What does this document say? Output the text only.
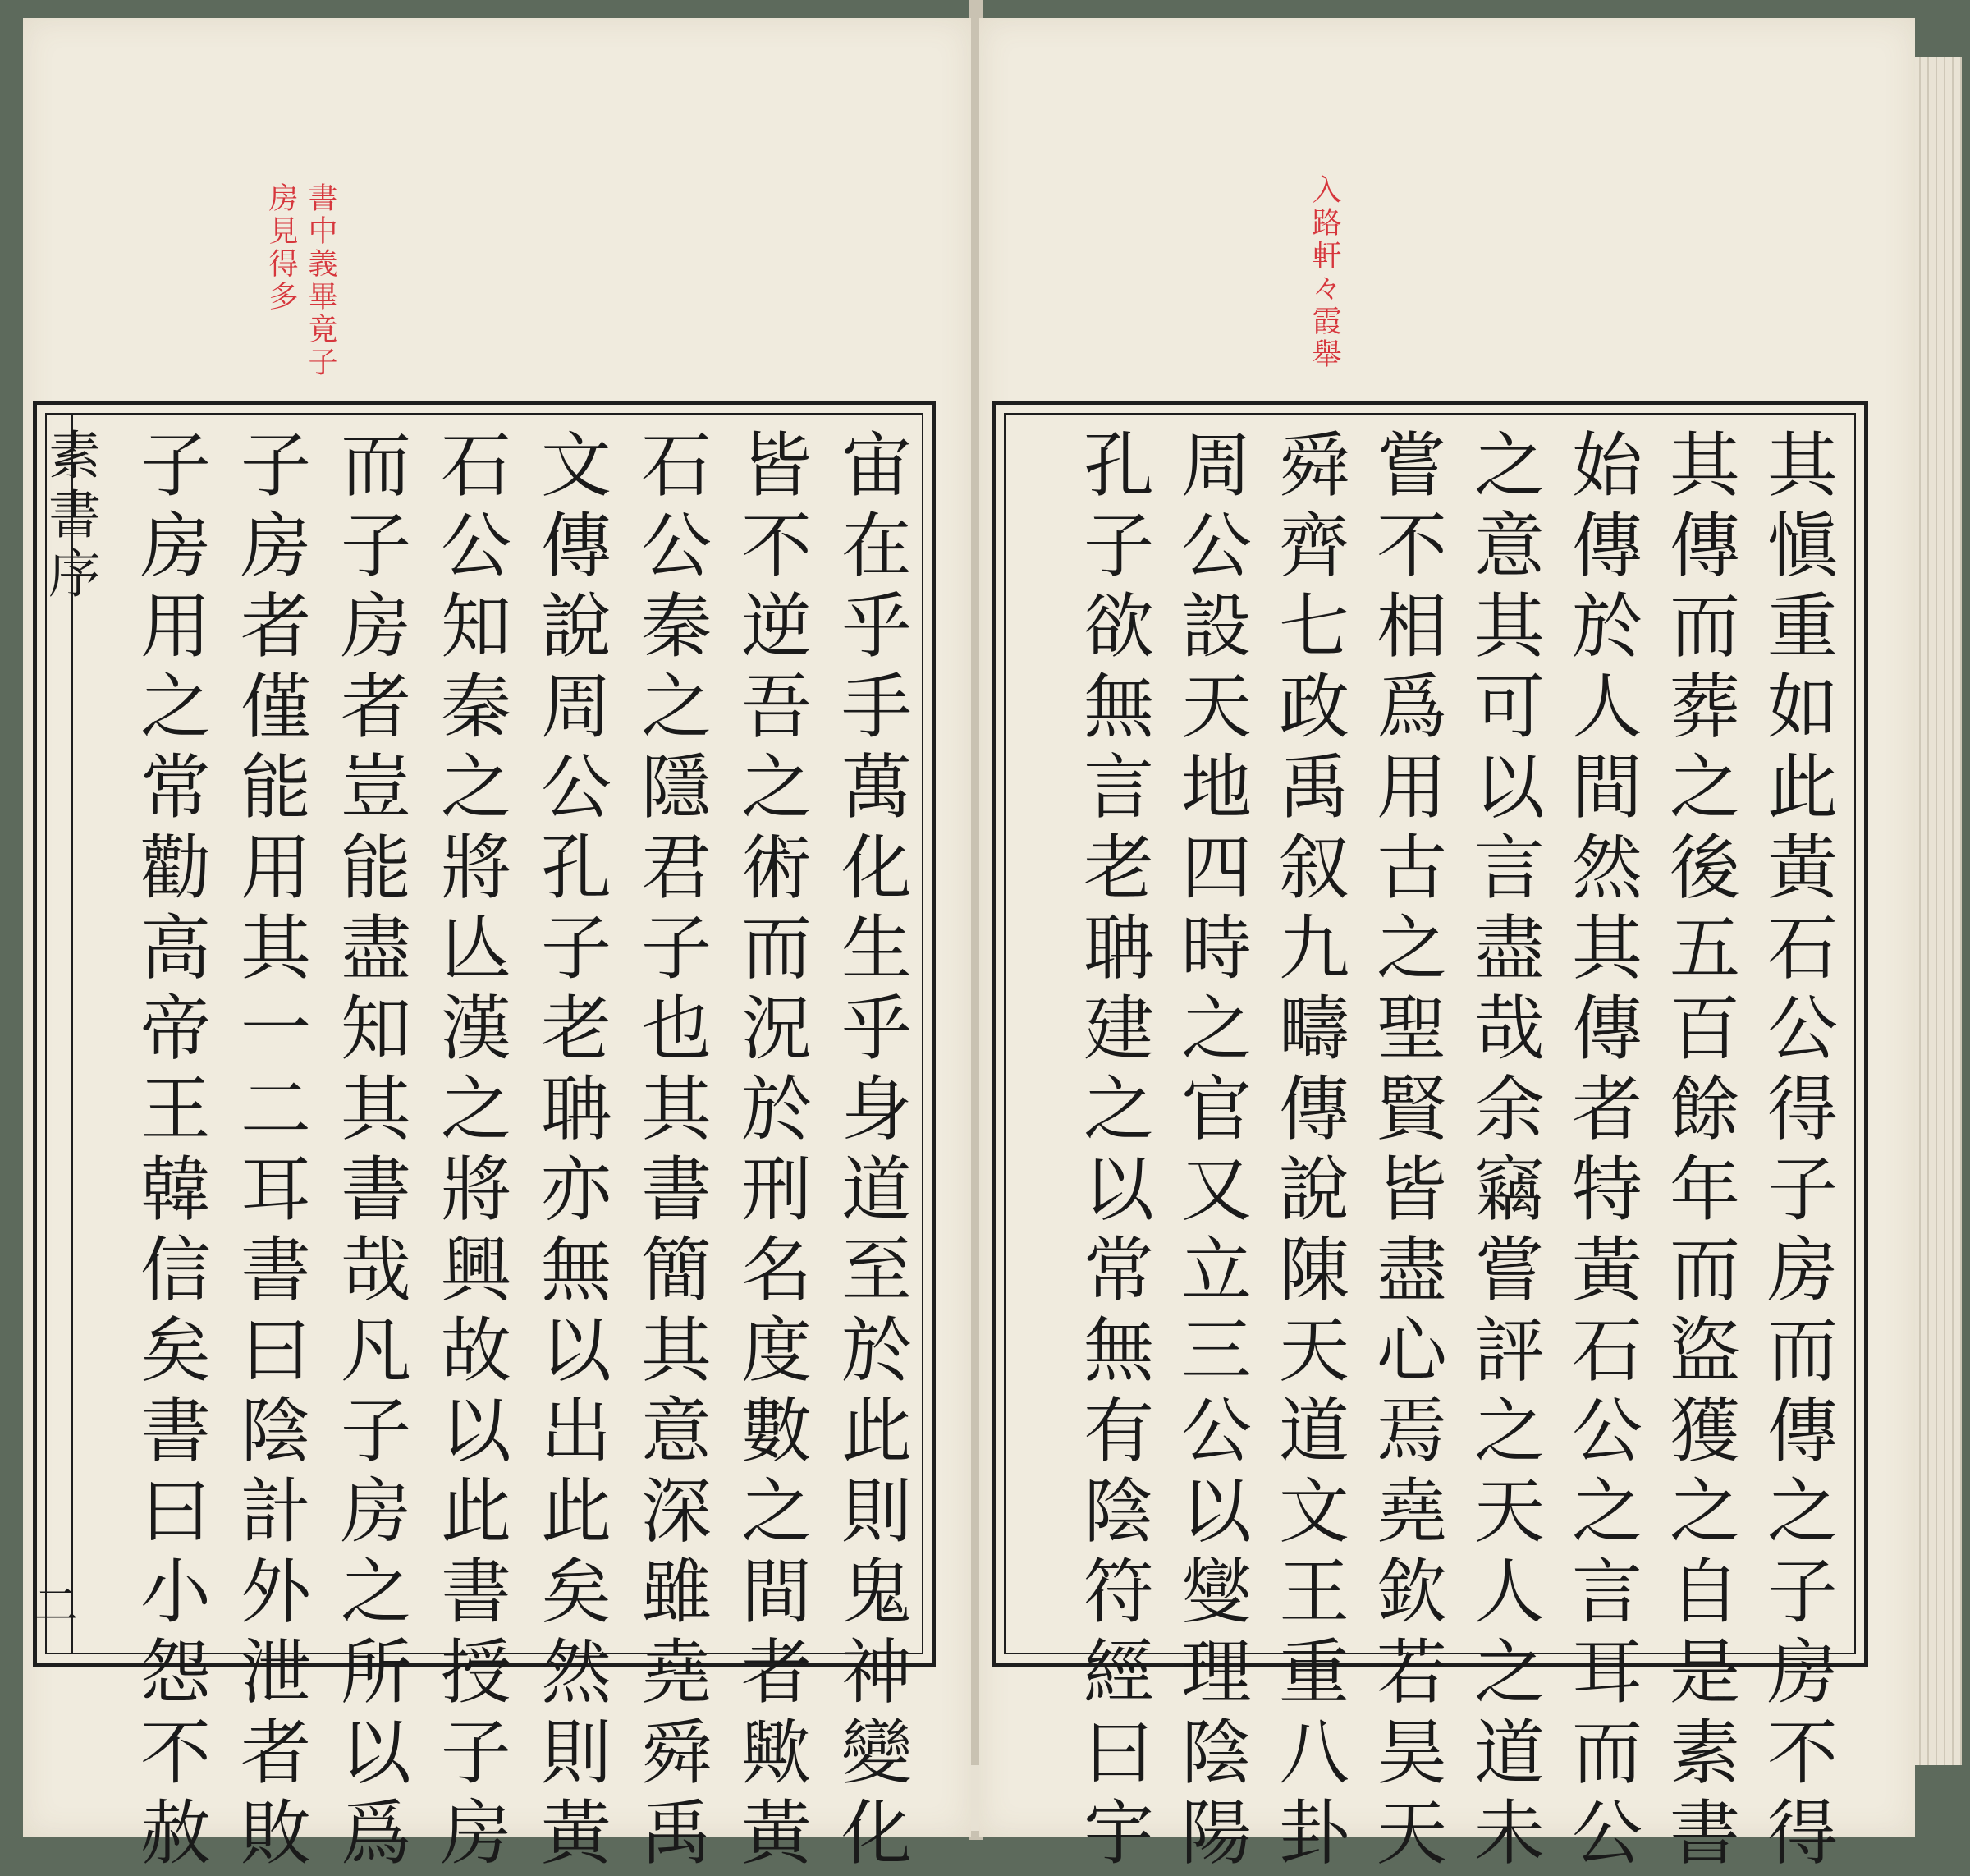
書中義畢竟子
房見得多
素書序
二	宙在乎手萬化生乎身道至於此則鬼神變化
皆不逆吾之術而況於刑名度數之間者歟黃
石公秦之隱君子也其書簡其意深雖堯舜禹
文傳說周公孔子老聃亦無以出此矣然則黃
石公知秦之將亾漢之將興故以此書授子房
而子房者豈能盡知其書哉凡子房之所以爲
子房者僅能用其一二耳書曰陰計外泄者敗
子房用之常勸高帝王韓信矣書曰小怨不赦
入路軒々霞舉
其愼重如此黃石公得子房而傳之子房不得
其傳而葬之後五百餘年而盜獲之自是素書
始傳於人間然其傳者特黃石公之言耳而公
之意其可以言盡哉余竊嘗評之天人之道未
嘗不相爲用古之聖賢皆盡心焉堯欽若昊天
舜齊七政禹叙九疇傳說陳天道文王重八卦
周公設天地四時之官又立三公以燮理陰陽
孔子欲無言老聃建之以常無有陰符經曰宇
